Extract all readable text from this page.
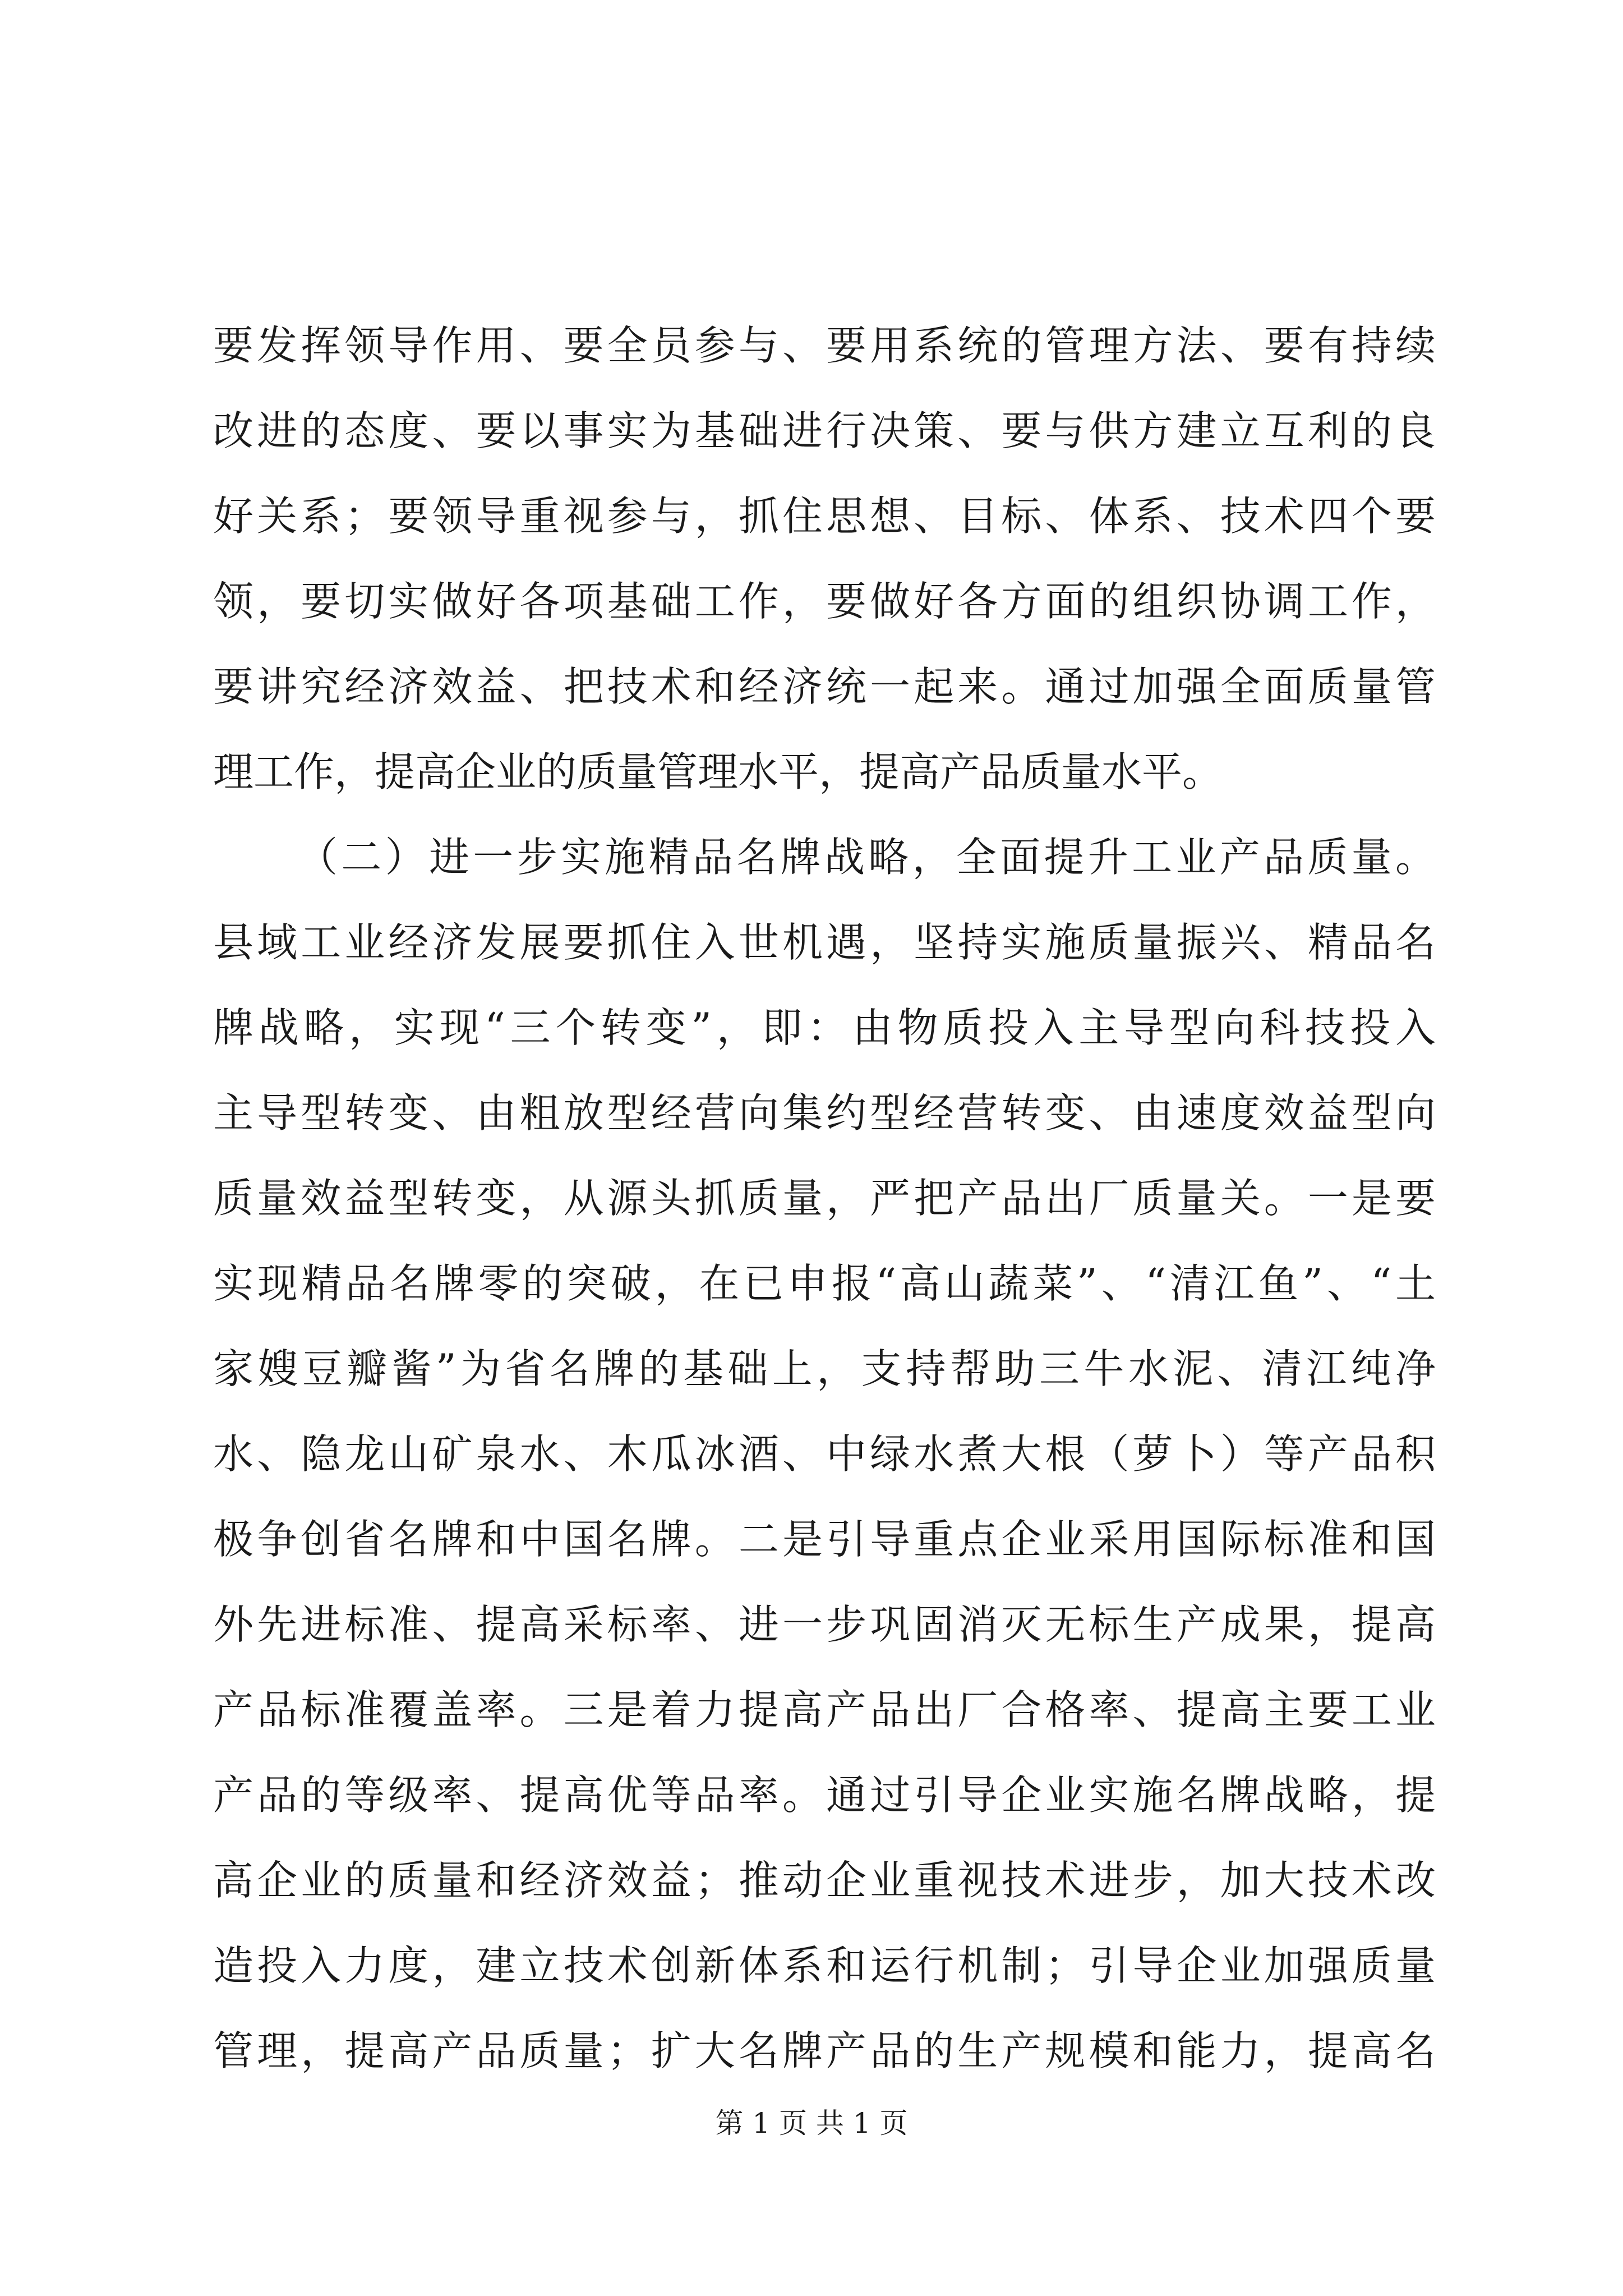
要发挥领导作用、要全员参与、要用系统的管理方法、要有持续
改进的态度、要以事实为基础进行决策、要与供方建立互利的良
好关系；要领导重视参与，抓住思想、目标、体系、技术四个要
领，要切实做好各项基础工作，要做好各方面的组织协调工作，
要讲究经济效益、把技术和经济统一起来。通过加强全面质量管
理工作，提高企业的质量管理水平，提高产品质量水平。
（二）进一步实施精品名牌战略，全面提升工业产品质量。
县域工业经济发展要抓住入世机遇，坚持实施质量振兴、精品名
牌战略，实现“三个转变”，即：由物质投入主导型向科技投入
主导型转变、由粗放型经营向集约型经营转变、由速度效益型向
质量效益型转变，从源头抓质量，严把产品出厂质量关。一是要
实现精品名牌零的突破，在已申报“高山蔬菜”、“清江鱼”、“土
家嫂豆瓣酱”为省名牌的基础上，支持帮助三牛水泥、清江纯净
水、隐龙山矿泉水、木瓜冰酒、中绿水煮大根（萝卜）等产品积
极争创省名牌和中国名牌。二是引导重点企业采用国际标准和国
外先进标准、提高采标率、进一步巩固消灭无标生产成果，提高
产品标准覆盖率。三是着力提高产品出厂合格率、提高主要工业
产品的等级率、提高优等品率。通过引导企业实施名牌战略，提
高企业的质量和经济效益；推动企业重视技术进步，加大技术改
造投入力度，建立技术创新体系和运行机制；引导企业加强质量
管理，提高产品质量；扩大名牌产品的生产规模和能力，提高名
第 1 页 共 1 页
